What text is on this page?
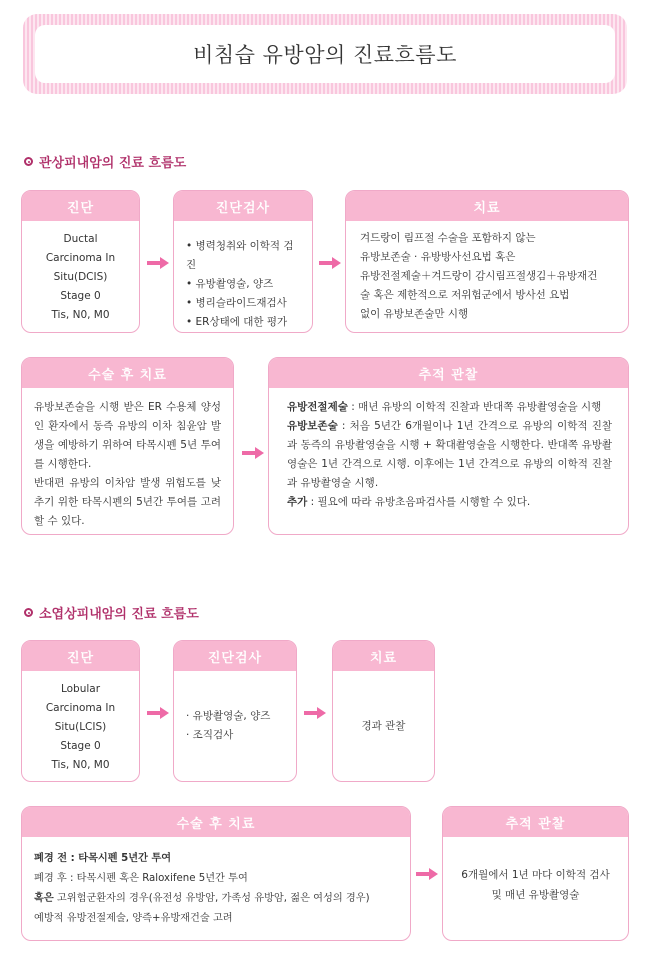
비침습 유방암의 진료흐름도
관상피내암의 진료 흐름도
진단
Ductal
Carcinoma In
Situ(DCIS)
Stage 0
Tis, N0, M0
진단검사
• 병력청취와 이학적 검진
• 유방촬영술, 양즈
• 병리슬라이드재검사
• ER상태에 대한 평가
치료
겨드랑이 림프절 수술을 포함하지 않는
유방보존술 · 유방방사선요법 혹은
유방전절제술＋겨드랑이 감시림프절생김＋유방재건
술 혹은 제한적으로 저위험군에서 방사선 요법
없이 유방보존술만 시행
수술 후 치료
유방보존술을 시행 받은 ER 수용체 양성인 환자에서 동즉 유방의 이차 침윤암 발생을 예방하기 위하여 타목시펜 5년 투여를 시행한다.
반대편 유방의 이차암 발생 위험도를 낮추기 위한 타목시펜의 5년간 투여를 고려할 수 있다.
추적 관찰
유방전절제술 : 매년 유방의 이학적 진찰과 반대쪽 유방촬영술을 시행
유방보존술 : 처음 5년간 6개월이나 1년 간격으로 유방의 이학적 진찰과 동즉의 유방촬영술을 시행 + 확대촬영술을 시행한다. 반대쪽 유방촬영술은 1년 간격으로 시행. 이후에는 1년 간격으로 유방의 이학적 진찰과 유방촬영술 시행.
추가 : 필요에 따라 유방초음파검사를 시행할 수 있다.
소엽상피내암의 진료 흐름도
진단
Lobular
Carcinoma In
Situ(LCIS)
Stage 0
Tis, N0, M0
진단검사
· 유방촬영술, 양즈
· 조직검사
치료
경과 관찰
수술 후 치료
폐경 전 : 타목시펜 5년간 투여
폐경 후 : 타목시펜 혹은 Raloxifene 5년간 투여
혹은 고위험군환자의 경우(유전성 유방암, 가족성 유방암, 젊은 여성의 경우)
예방적 유방전절제술, 양즉+유방재건술 고려
추적 관찰
6개월에서 1년 마다 이학적 검사
및 매년 유방촬영술
